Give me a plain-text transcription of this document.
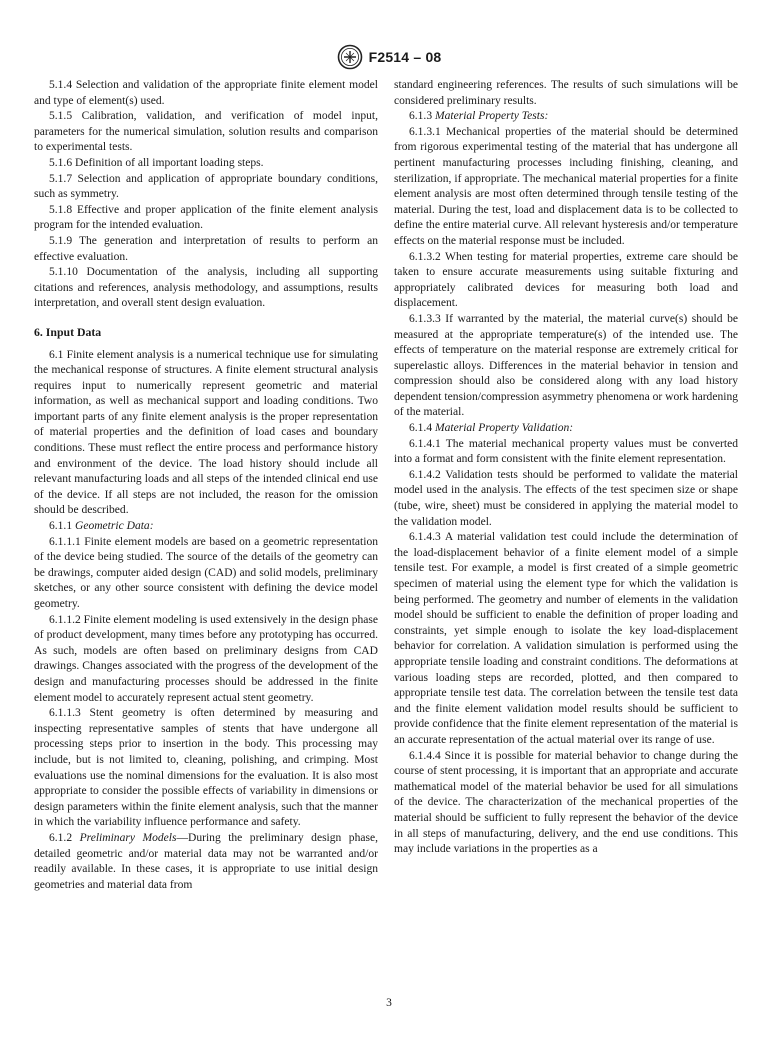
F2514 – 08

5.1.4 Selection and validation of the appropriate finite element model and type of element(s) used.

5.1.5 Calibration, validation, and verification of model input, parameters for the numerical simulation, solution results and comparison to experimental tests.

5.1.6 Definition of all important loading steps.

5.1.7 Selection and application of appropriate boundary conditions, such as symmetry.

5.1.8 Effective and proper application of the finite element analysis program for the intended evaluation.

5.1.9 The generation and interpretation of results to perform an effective evaluation.

5.1.10 Documentation of the analysis, including all supporting citations and references, analysis methodology, and assumptions, results interpretation, and overall stent design evaluation.

6. Input Data

6.1 Finite element analysis is a numerical technique use for simulating the mechanical response of structures. A finite element structural analysis requires input to numerically represent geometric and material information, as well as mechanical support and loading conditions. Two important parts of any finite element analysis is the proper representation of material properties and the definition of load cases and boundary conditions. These must reflect the entire process and performance history and environment of the device. The load history should include all relevant manufacturing loads and all steps of the intended clinical end use of the device. If all steps are not included, the reason for the omission should be described.

6.1.1 Geometric Data:

6.1.1.1 Finite element models are based on a geometric representation of the device being studied. The source of the details of the geometry can be drawings, computer aided design (CAD) and solid models, preliminary sketches, or any other source consistent with defining the device model geometry.

6.1.1.2 Finite element modeling is used extensively in the design phase of product development, many times before any prototyping has occurred. As such, models are often based on preliminary designs from CAD drawings. Changes associated with the progress of the development of the design and manufacturing processes should be addressed in the finite element model to accurately represent actual stent geometry.

6.1.1.3 Stent geometry is often determined by measuring and inspecting representative samples of stents that have undergone all processing steps prior to insertion in the body. This processing may include, but is not limited to, cleaning, polishing, and crimping. Most evaluations use the nominal dimensions for the evaluation. It is also most appropriate to consider the possible effects of variability in dimensions or design parameters within the finite element analysis, such that the manner in which the variability influence performance and safety.

6.1.2 Preliminary Models—During the preliminary design phase, detailed geometric and/or material data may not be warranted and/or readily available. In these cases, it is appropriate to use initial design geometries and material data from

standard engineering references. The results of such simulations will be considered preliminary results.

6.1.3 Material Property Tests:

6.1.3.1 Mechanical properties of the material should be determined from rigorous experimental testing of the material that has undergone all pertinent manufacturing processes including finishing, cleaning, and sterilization, if appropriate. The mechanical material properties for a finite element analysis are most often determined through tensile testing of the material. During the test, load and displacement data is to be collected to define the entire material curve. All relevant hysteresis and/or temperature effects on the material response must be included.

6.1.3.2 When testing for material properties, extreme care should be taken to ensure accurate measurements using suitable fixturing and appropriately calibrated devices for measuring both load and displacement.

6.1.3.3 If warranted by the material, the material curve(s) should be measured at the appropriate temperature(s) of the intended use. The effects of temperature on the material response are extremely critical for superelastic alloys. Differences in the material behavior in tension and compression should also be considered along with any load history dependent tension/compression asymmetry phenomena or work hardening of the material.

6.1.4 Material Property Validation:

6.1.4.1 The material mechanical property values must be converted into a format and form consistent with the finite element representation.

6.1.4.2 Validation tests should be performed to validate the material model used in the analysis. The effects of the test specimen size or shape (tube, wire, sheet) must be considered in applying the material model to the validation model.

6.1.4.3 A material validation test could include the determination of the load-displacement behavior of a finite element model of a simple tensile test. For example, a model is first created of a simple geometric specimen of material using the element type for which the validation is being performed. The geometry and number of elements in the validation model should be sufficient to enable the definition of proper loading and constraints, yet simple enough to isolate the key load-displacement behavior for correlation. A validation simulation is performed using the appropriate tensile loading and constraint conditions. The deformations at various loading steps are recorded, plotted, and then compared to appropriate tensile test data. The correlation between the tensile test data and the finite element validation model results should be sufficient to provide confidence that the finite element representation of the material is an accurate representation of the actual material over its range of use.

6.1.4.4 Since it is possible for material behavior to change during the course of stent processing, it is important that an appropriate and accurate mathematical model of the material behavior be used for all simulations of the device. The characterization of the mechanical properties of the material should be sufficient to fully represent the behavior of the device in all steps of manufacturing, delivery, and the end use conditions. This may include variations in the properties as a

3
